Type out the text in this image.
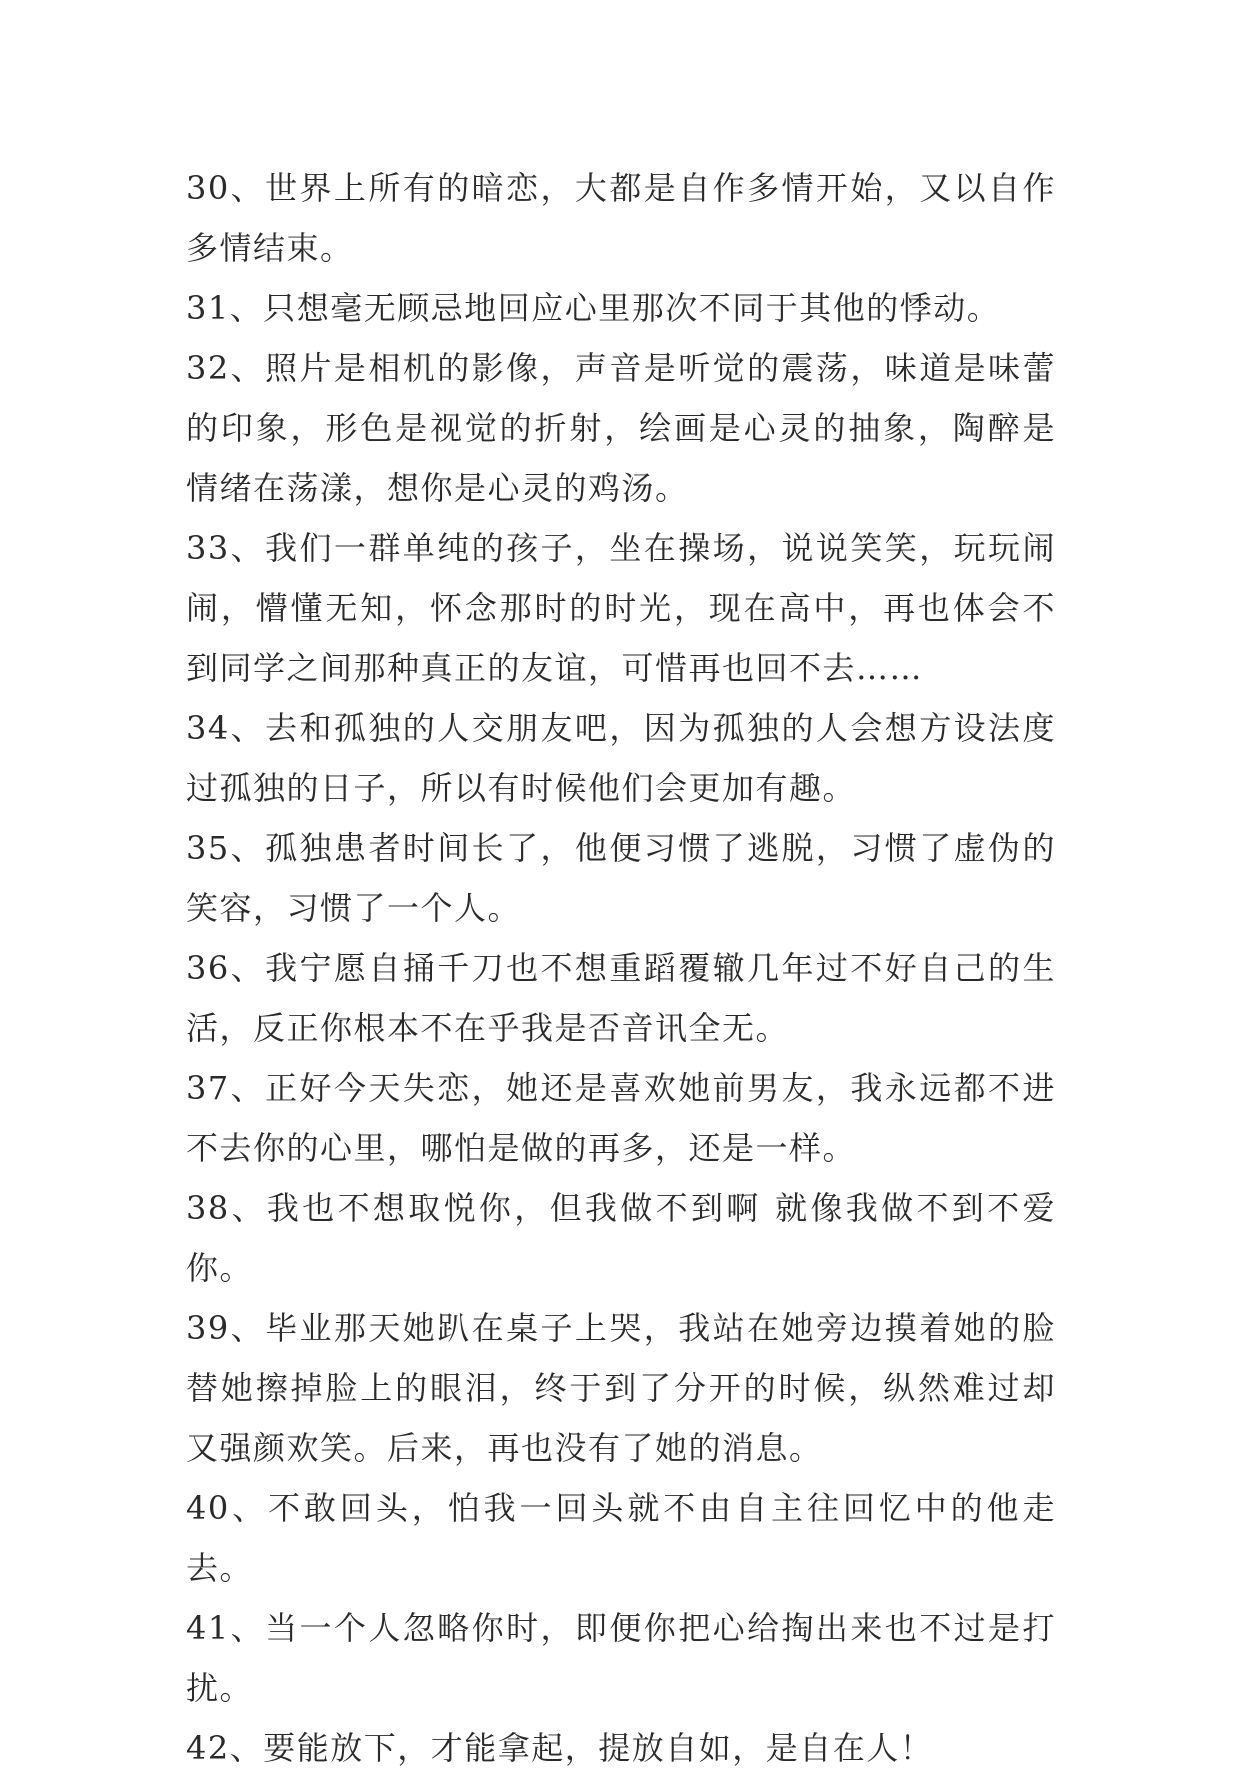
30、世界上所有的暗恋，大都是自作多情开始，又以自作多情结束。

31、只想毫无顾忌地回应心里那次不同于其他的悸动。

32、照片是相机的影像，声音是听觉的震荡，味道是味蕾的印象，形色是视觉的折射，绘画是心灵的抽象，陶醉是情绪在荡漾，想你是心灵的鸡汤。

33、我们一群单纯的孩子，坐在操场，说说笑笑，玩玩闹闹，懵懂无知，怀念那时的时光，现在高中，再也体会不到同学之间那种真正的友谊，可惜再也回不去……

34、去和孤独的人交朋友吧，因为孤独的人会想方设法度过孤独的日子，所以有时候他们会更加有趣。

35、孤独患者时间长了，他便习惯了逃脱，习惯了虚伪的笑容，习惯了一个人。

36、我宁愿自捅千刀也不想重蹈覆辙几年过不好自己的生活，反正你根本不在乎我是否音讯全无。

37、正好今天失恋，她还是喜欢她前男友，我永远都不进不去你的心里，哪怕是做的再多，还是一样。

38、我也不想取悦你，但我做不到啊 就像我做不到不爱你。

39、毕业那天她趴在桌子上哭，我站在她旁边摸着她的脸替她擦掉脸上的眼泪，终于到了分开的时候，纵然难过却又强颜欢笑。后来，再也没有了她的消息。

40、不敢回头，怕我一回头就不由自主往回忆中的他走去。

41、当一个人忽略你时，即便你把心给掏出来也不过是打扰。

42、要能放下，才能拿起，提放自如，是自在人！
